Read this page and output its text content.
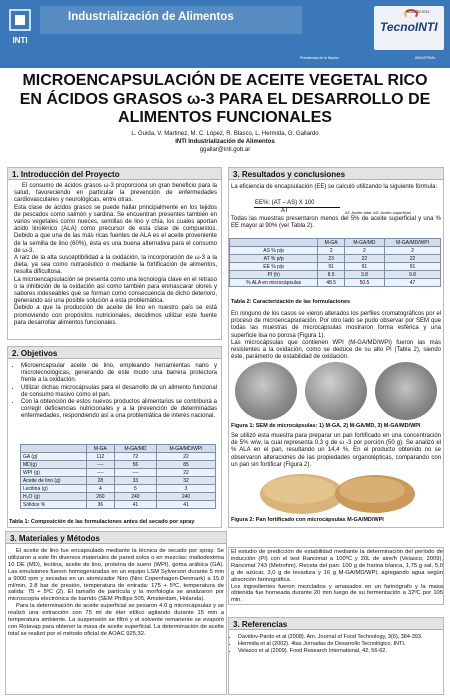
INTI
Industrialización de Alimentos	EDICIÓN 2013
TecnoINTI
Presidencia de la Nación	INDUSTRIAL
MICROENCAPSULACIÓN DE ACEITE VEGETAL RICO
EN ÁCIDOS GRASOS ω-3 PARA EL DESARROLLO DE
ALIMENTOS FUNCIONALES
L. Guida, V. Martinez, M. C. López, R. Blasco, L. Hermida, G. Gallardo
INTI Industrialización de Alimentos
ggallar@inti.gob.ar
1. Introducción del Proyecto

El consumo de ácidos grasos ω-3 proporciona un gran beneficio para la salud, favoreciendo en particular la prevención de enfermedades cardiovasculares y neurológicas, entre otras.

Esta clase de ácidos grasos se puede hallar principalmente en los tejidos de pescados como salmón y sardina. Se encuentran presentes también en varios vegetales como nueces, semillas de lino y chía, los cuales aportan ácido linolénico (ALA) como precursor de esta clase de compuestos. Debido a que una de las más ricas fuentes de ALA es el aceite proveniente de la semilla de lino (60%), ésta es una buena alternativa para el consumo de ω-3.

A raíz de la alta susceptibilidad a la oxidación, la incorporación de ω-3 a la dieta, ya sea como nutracéutico o mediante la fortificación de alimentos, resulta dificultosa.

La microencapsulación se presenta como una tecnología clave en el retraso o la inhibición de la oxidación así como también para enmascarar olores y sabores indeseables que se forman como consecuencia de dicho deterioro, generando así una posible solución a esta problemática.

Debido a que la producción de aceite de lino en nuestro país se está promoviendo con propósitos nutricionales, decidimos utilizar este fuente para desarrollar alimentos funcionales.

2. Objetivos
• Microencapsular aceite de lino, empleando herramientas nano y microtecnológicas, generando de este modo una barrera protectora frente a la oxidación.
• Utilizar dichas microcápsulas para el desarrollo de un alimento funcional de consumo masivo como el pan.
• Con la obtención de estos nuevos productos alimentarios se contribuirá a corregir deficiencias nutricionales y a la prevención de determinadas enfermedades, respondiendo así a una problemática de interés nacional.
	M-GA	M-GA/MD	M-GA/MD/WPI
GA (g)	112	72	22
MD(g)	----	56	85
WPI (g)	----	----	22
Aceite de lino (g)	28	33	32
Lecitina (g)	4	5	3
H₂O (g)	260	240	240
Sólidos %	36	41	41
Tabla 1: Composición de las formulaciones antes del secado por spray
3. Resultados y conclusiones
La eficiencia de encapsulación (EE) se calculó utilizando la siguiente fórmula:
EE%: (AT – AS) X 100
AT	AT: Aceite total; AS: Aceite superficial
Todas las muestras presentaron menos del 5% de aceite superficial y una % EE mayor al 90% (ver Tabla 2).
	M-GA	M-GA/MD	M-GA/MD/WPI
AS % p/p	2	2	2
AT % p/p	23	22	22
EE % p/p	91	91	91
PI (h)	8.5	3.8	9.8
% ALA en microcápsulas	48.5	50.5	47
Tabla 2: Caracterización de las formulaciones
En ninguno de los casos se vieron alterados los perfiles cromatográficos por el proceso de microencapsulación. Por otro lado se pudo observar por SEM que todas las muestras de microcápsulas mostraron forma esférica y una superficie lisa no porosa (Figura 1).
Las microcápsulas que contienen WPI (M-GA/MD/WPI) fueron las más resistentes a la oxidación, como se deduce de su alto PI (Tabla 2), siendo éste, parámetro de estabilidad de oxidación.
1	2	3
Figura 1: SEM de microcápsulas: 1) M-GA, 2) M-GA/MD, 3) M-GA/MD/WPI
Se utilizó esta muestra para preparar un pan fortificado en una concentración de 5% w/w, la cual representa 0,3 g de ω -3 por porción (50 g). Se analizó el % ALA en el pan, resultando un 14,4 %. En el producto obtenido no se observaron alteraciones de las propiedades organolépticas, comparando con un pan sin fortificar (Figura 2).
Figura 2: Pan fortificado con microcápsulas M-GA/MD/WPI
3. Materiales y Métodos

El aceite de lino fue encapsulado mediante la técnica de secado por spray. Se utilizaron a este fin diversos materiales de pared solos o en mezclas: maltodextrina 10 DE (MD), lecitina, aceite de lino, proteína de suero (WPI), goma arábica (GA). Las emulsiones fueron homogenizadas en un equipo LSM Sylverson durante 5 min a 9000 rpm y secadas en un atomizador Niro (Niro Copenhagen-Denmark) a 15.0 ml/min, 2.8 bar de presión, temperatura de entrada: 175 + 5ºC, temperatura de salida: 75 + 5ºC (2). El tamaño de partícula y la morfología se analizaron por microscopía electrónica de barrido (SEM Phillips 505, Amsterdam, Holanda).

Para la determinación de aceite superficial se pesaron 4.0 g microcápsulas y se realizó una extracción con 75 ml de éter etílico agitando durante 15 min a temperatura ambiente. La suspensión se filtró y el solvente remanente se evaporó con Rotavap para obtener la masa de aceite superficial. La determinación de aceite total se realizó por el método oficial de AOAC 925,32.

El estudio de predicción de estabilidad mediante la determinación del período de inducción (PI) con el test Rancimat a 100ºC y 20L de aire/h (Velasco, 2009), Rancimat 743 (Metrohm). Receta del pan: 100 g de harina blanca, 1,75 g sal, 5,0 g de azúcar, 3,0 g de levadura y 16 g M-GA/MD/WPI, agregando agua según absorción farinográfica.

Los ingredientes fueron mezclados y amasados en un farinógrafo y la masa obtenida fue horneada durante 20 min luego de su fermentación a 32ºC por 105 min.

3. Referencias
• Davidov-Pardo et al (2008). Am. Journal of Food Technology, 3(6), 384-393.
• Hermida et al (2002). 4tas Jornadas de Desarrollo Tecnológico, INTI.
• Velasco et al (2009). Food Research International, 42, 56-62.
